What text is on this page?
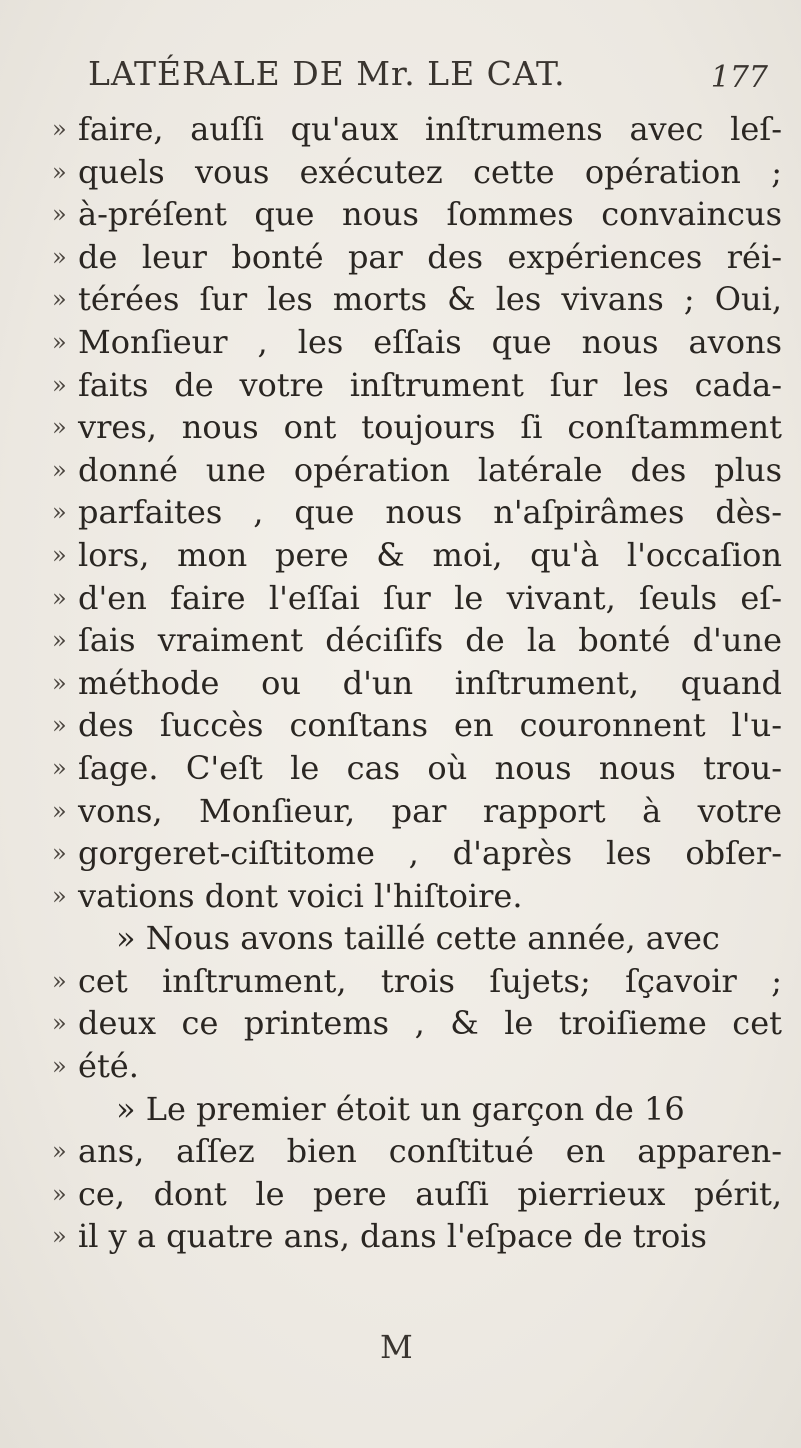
LATÉRALE DE Mr. LE CAT.	177
» faire, auſſi qu'aux inſtrumens avec leſ-
» quels vous exécutez cette opération ;
» à-préſent que nous ſommes convaincus
» de leur bonté par des expériences réi-
» térées ſur les morts & les vivans ; Oui,
» Monſieur , les eſſais que nous avons
» faits de votre inſtrument ſur les cada-
» vres, nous ont toujours ſi conſtamment
» donné une opération latérale des plus
» parfaites , que nous n'aſpirâmes dès-
» lors, mon pere & moi, qu'à l'occaſion
» d'en faire l'eſſai ſur le vivant, ſeuls eſ-
» ſais vraiment déciſifs de la bonté d'une
» méthode ou d'un inſtrument, quand
» des ſuccès conſtans en couronnent l'u-
» ſage. C'eſt le cas où nous nous trou-
» vons, Monſieur, par rapport à votre
» gorgeret-ciſtitome , d'après les obſer-
» vations dont voici l'hiſtoire.
» Nous avons taillé cette année, avec
» cet inſtrument, trois ſujets; ſçavoir ;
» deux ce printems , & le troiſieme cet
» été.
» Le premier étoit un garçon de 16
» ans, aſſez bien conſtitué en apparen-
» ce, dont le pere auſſi pierrieux périt,
» il y a quatre ans, dans l'eſpace de trois
M
